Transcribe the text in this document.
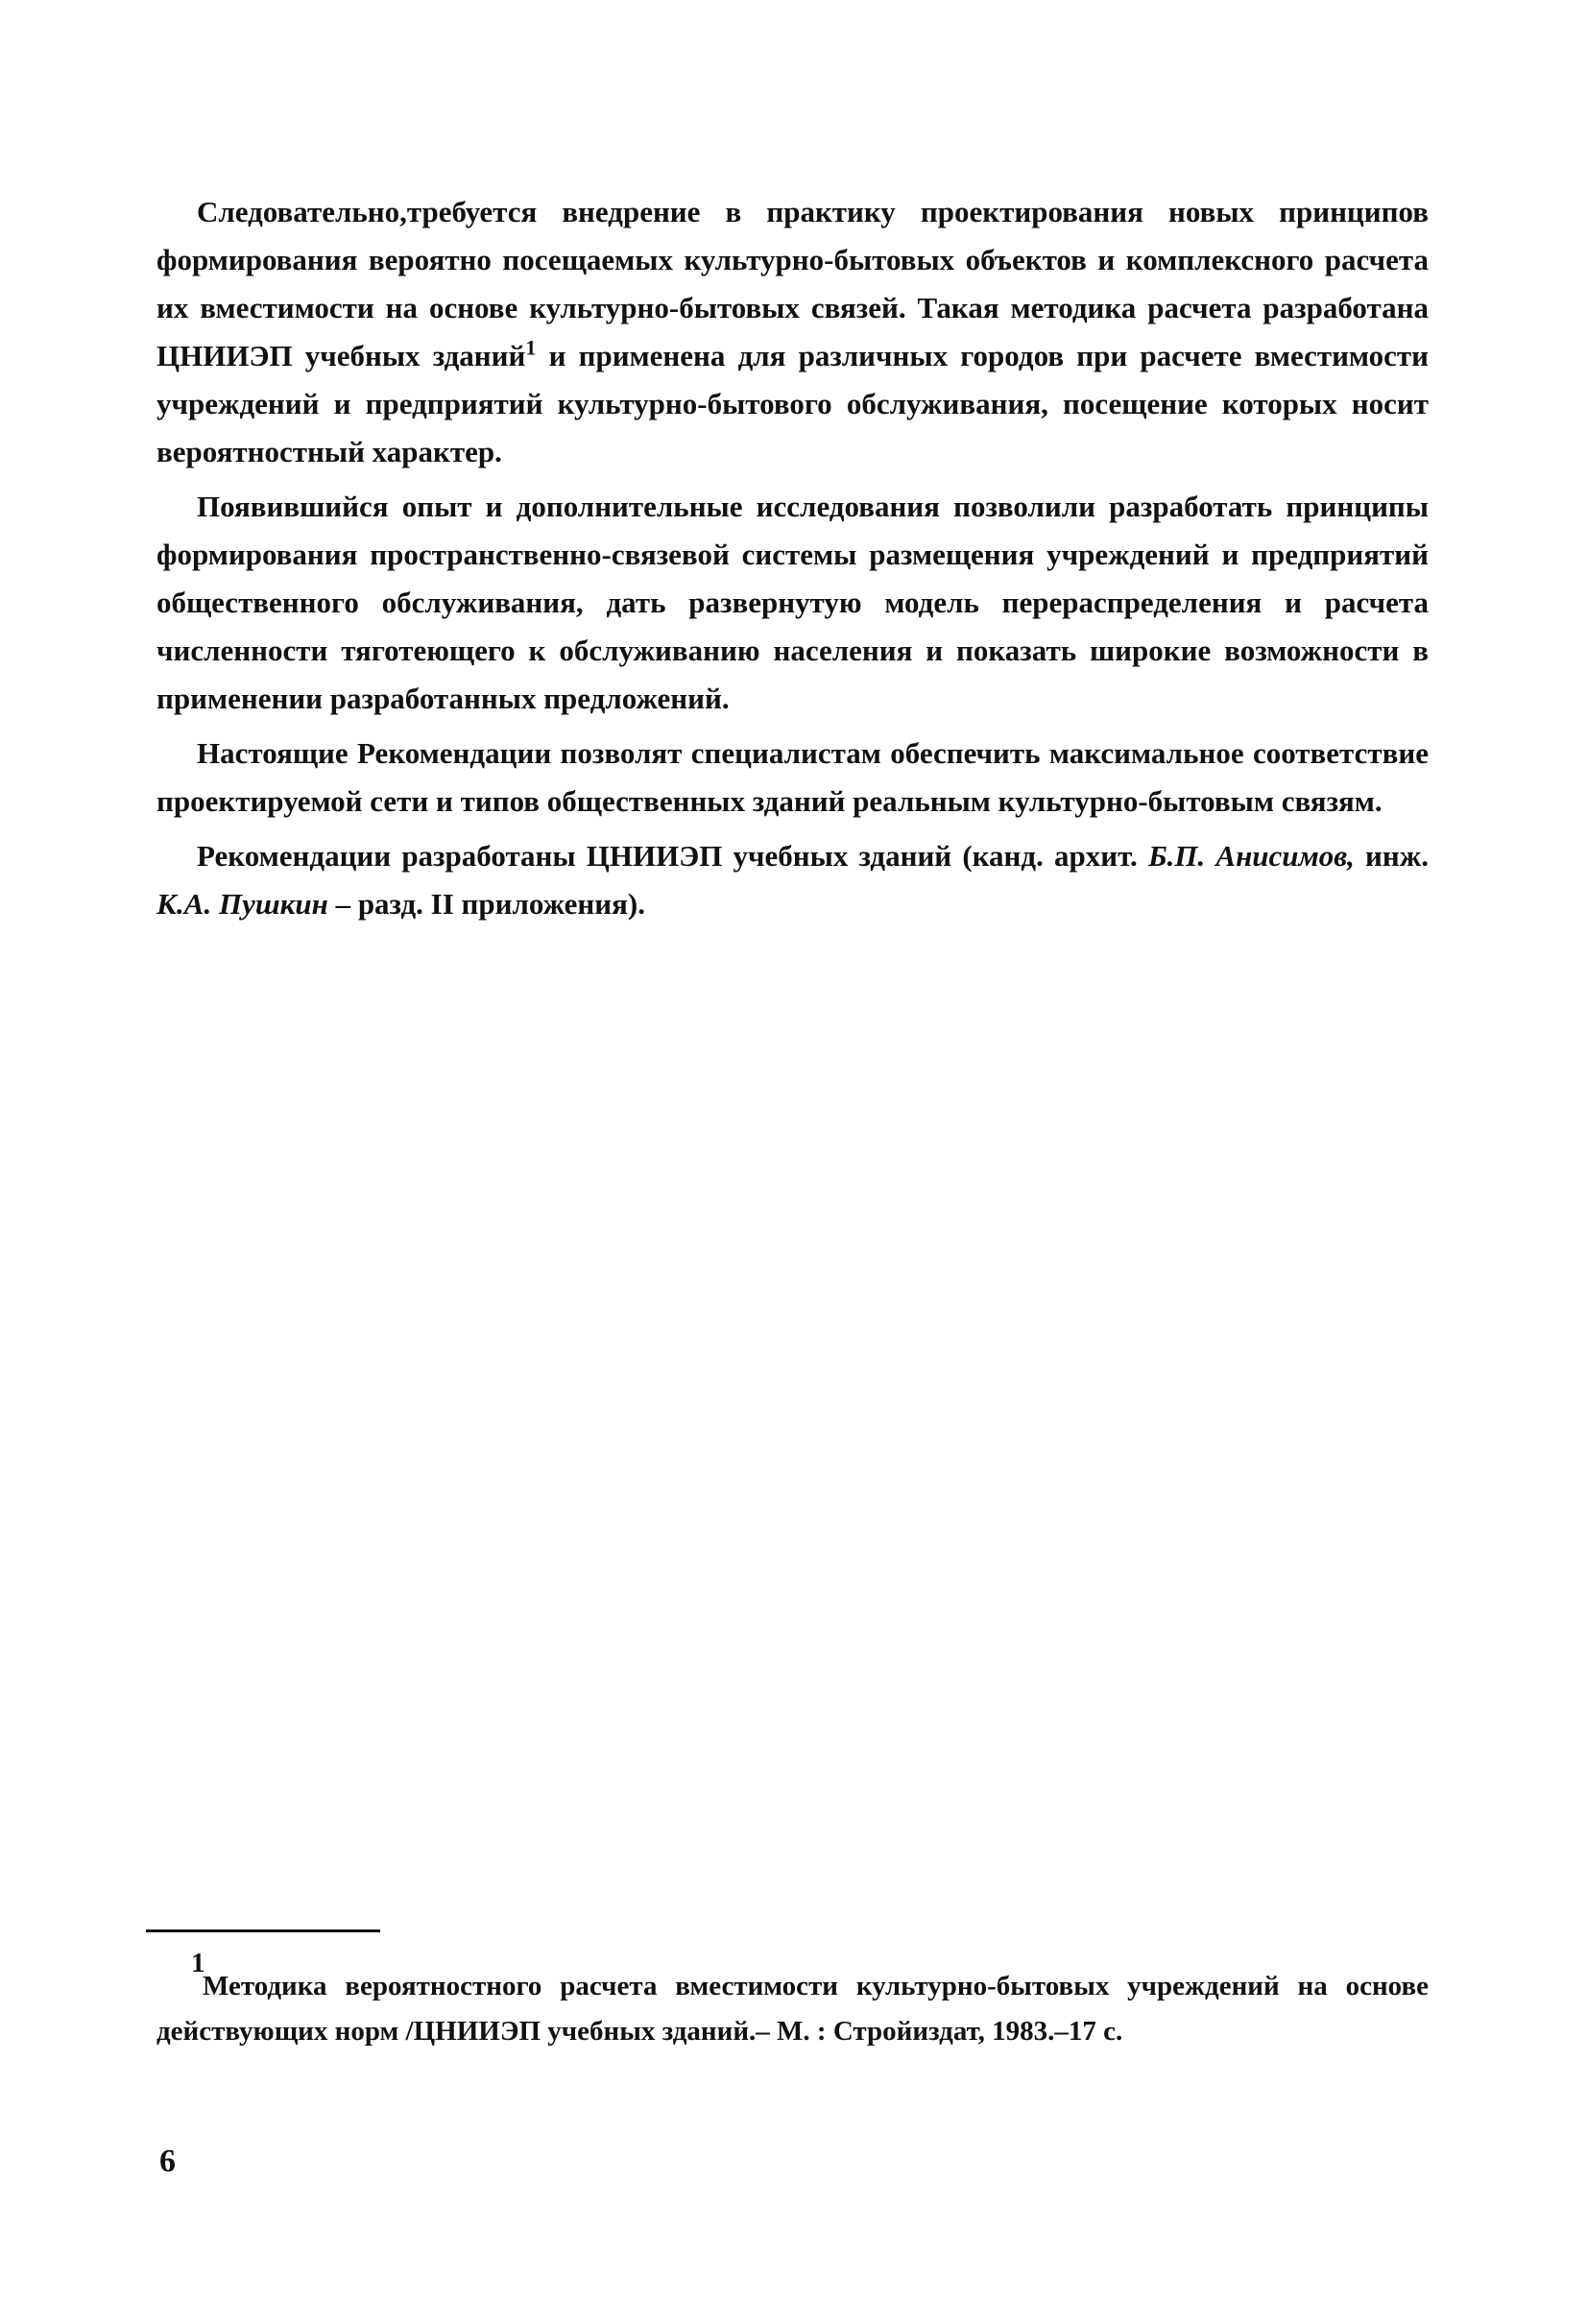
Следовательно,требуется внедрение в практику проектирования новых принципов формирования вероятно посещаемых культурно-бытовых объектов и комплексного расчета их вместимости на основе культурно-бытовых связей. Такая методика расчета разработана ЦНИИЭП учебных зданий$^1$ и применена для различных городов при расчете вместимости учреждений и предприятий культурно-бытового обслуживания, посещение которых носит вероятностный характер.

Появившийся опыт и дополнительные исследования позволили разработать принципы формирования пространственно-связевой системы размещения учреждений и предприятий общественного обслуживания, дать развернутую модель перераспределения и расчета численности тяготеющего к обслуживанию населения и показать широкие возможности в применении разработанных предложений.

Настоящие Рекомендации позволят специалистам обеспечить максимальное соответствие проектируемой сети и типов общественных зданий реальным культурно-бытовым связям.

Рекомендации разработаны ЦНИИЭП учебных зданий (канд. архит. Б.П. Анисимов, инж. К.А. Пушкин – разд. II приложения).

1
Методика вероятностного расчета вместимости культурно-бытовых учреждений на основе действующих норм /ЦНИИЭП учебных зданий.– М. : Стройиздат, 1983.–17 с.
6
